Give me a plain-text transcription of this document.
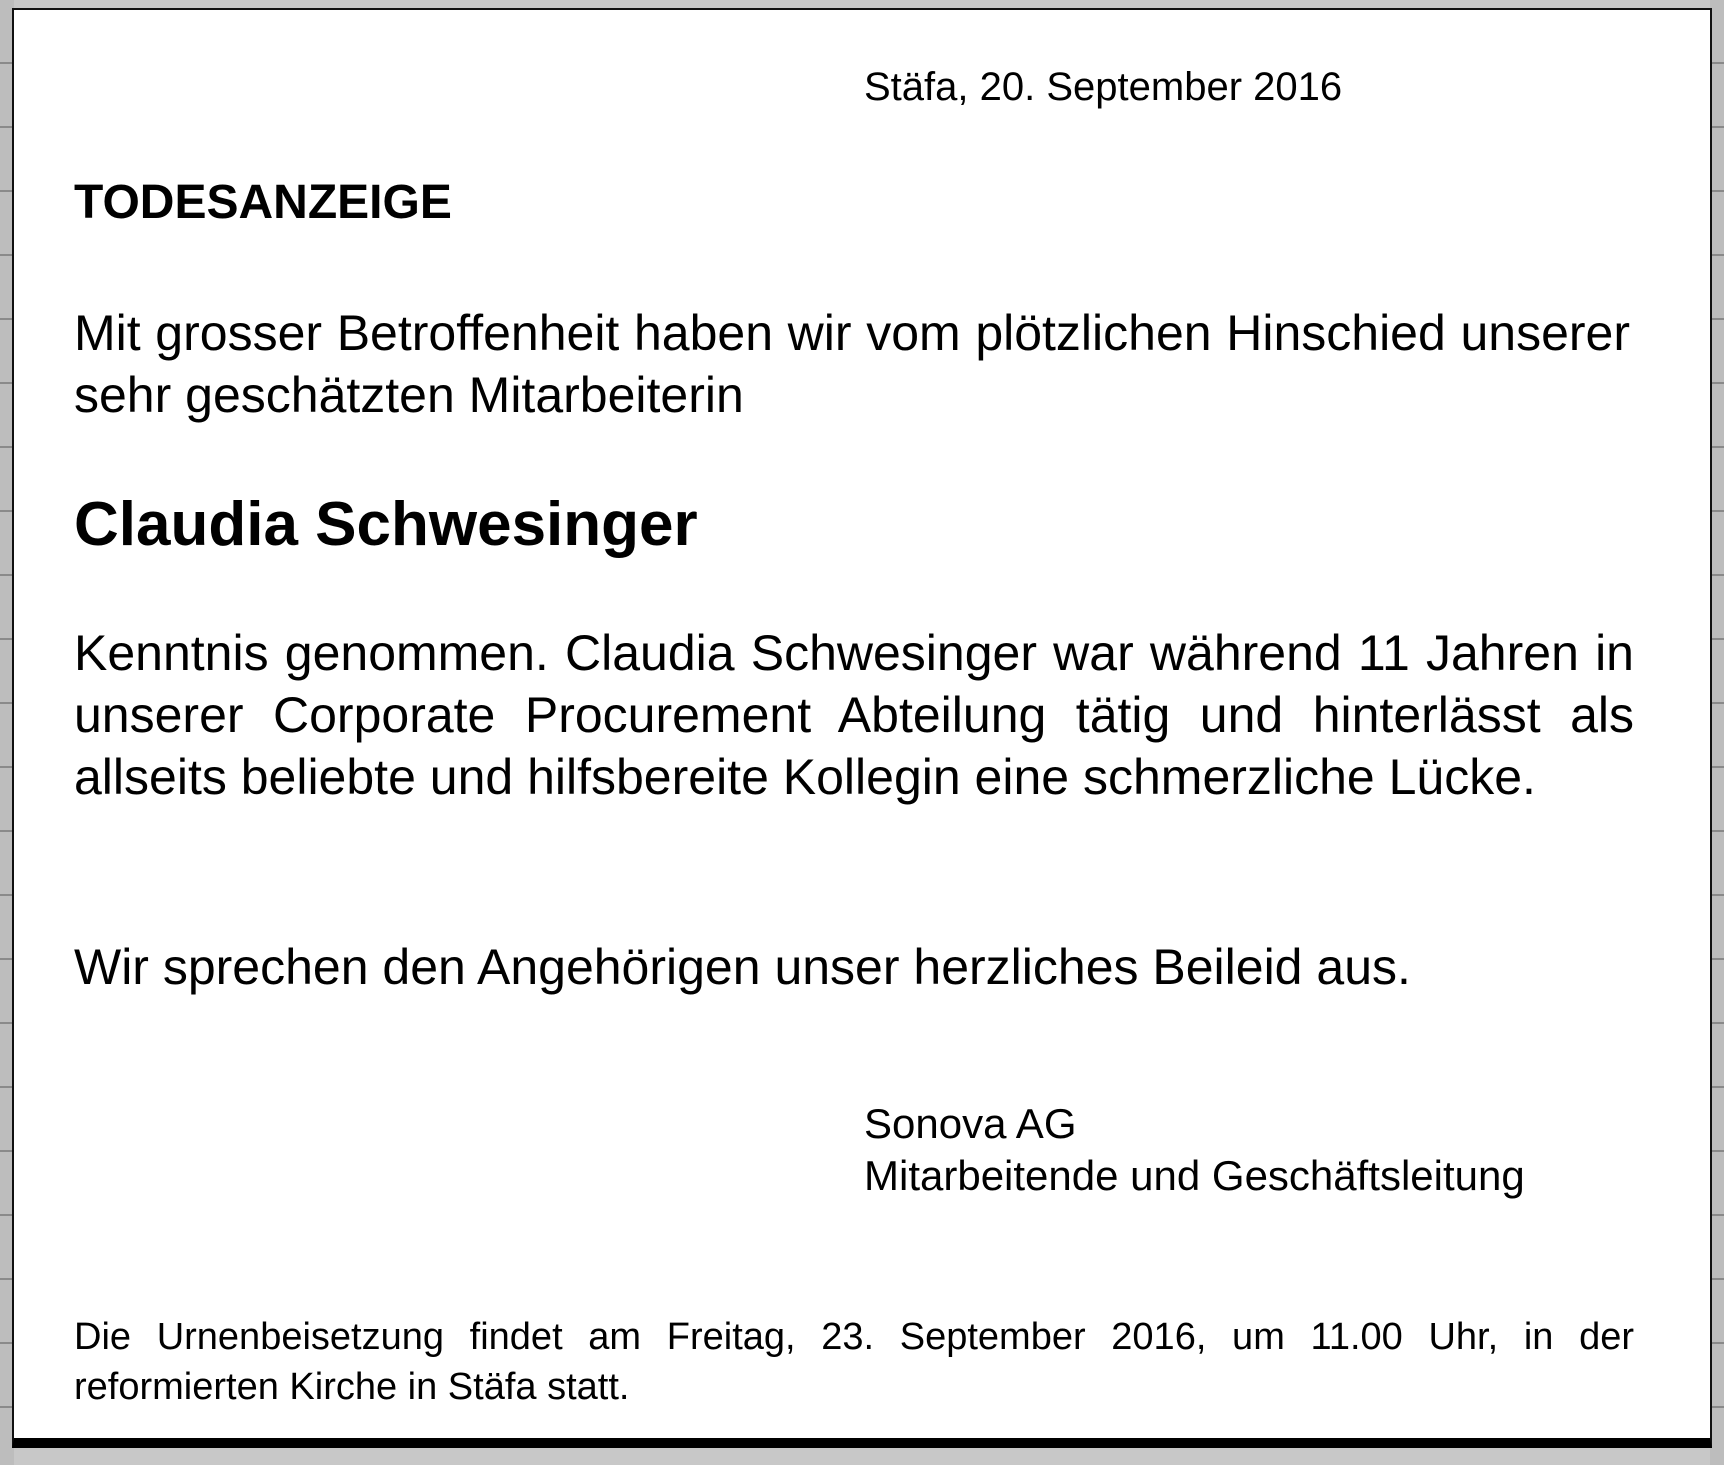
Stäfa, 20. September 2016

TODESANZEIGE

Mit grosser Betroffenheit haben wir vom plötzlichen Hinschied unserer sehr geschätzten Mitarbeiterin

Claudia Schwesinger

Kenntnis genommen. Claudia Schwesinger war während 11 Jahren in unserer Corporate Procurement Abteilung tätig und hinterlässt als allseits beliebte und hilfsbereite Kollegin eine schmerzliche Lücke.

Wir sprechen den Angehörigen unser herzliches Beileid aus.

Sonova AG

Mitarbeitende und Geschäftsleitung

Die Urnenbeisetzung findet am Freitag, 23. September 2016, um 11.00 Uhr, in der reformierten Kirche in Stäfa statt.
